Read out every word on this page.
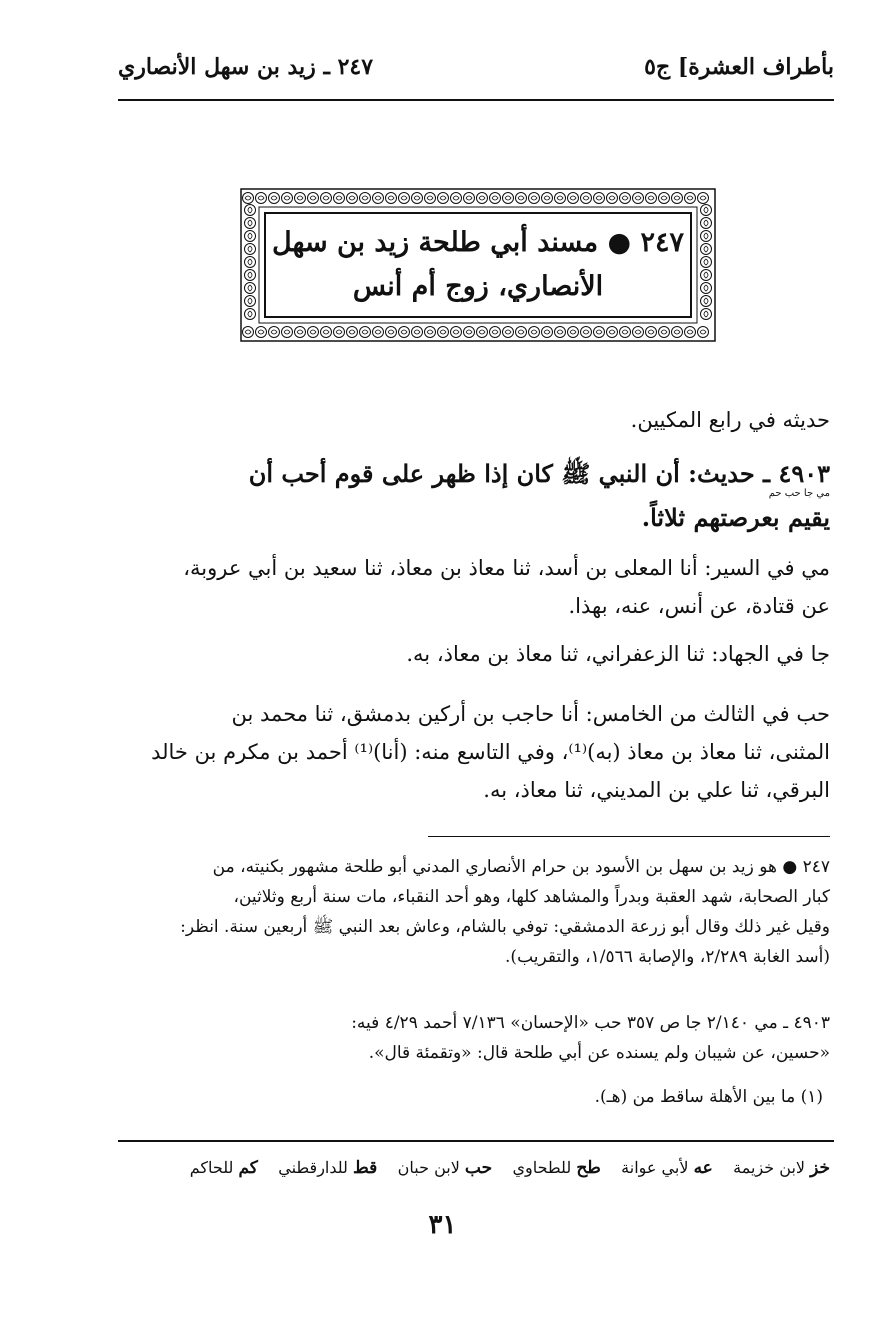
بأطراف العشرة] ج٥
٢٤٧ ـ زيد بن سهل الأنصاري
٢٤٧ ● مسند أبي طلحة زيد بن سهل
الأنصاري، زوج أم أنس
حديثه في رابع المكيين.
٤٩٠٣ ـ حديث: أن النبي ﷺ كان إذا ظهر على قوم أحب أن
مي جا حب حم
يقيم بعرصتهم ثلاثاً.
مي في السير: أنا المعلى بن أسد، ثنا معاذ بن معاذ، ثنا سعيد بن أبي عروبة،
عن قتادة، عن أنس، عنه، بهذا.
جا في الجهاد: ثنا الزعفراني، ثنا معاذ بن معاذ، به.
حب في الثالث من الخامس: أنا حاجب بن أركين بدمشق، ثنا محمد بن
المثنى، ثنا معاذ بن معاذ (به)⁽¹⁾، وفي التاسع منه: (أنا)⁽¹⁾ أحمد بن مكرم بن خالد
البرقي، ثنا علي بن المديني، ثنا معاذ، به.
٢٤٧ ● هو زيد بن سهل بن الأسود بن حرام الأنصاري المدني أبو طلحة مشهور بكنيته، من
كبار الصحابة، شهد العقبة وبدراً والمشاهد كلها، وهو أحد النقباء، مات سنة أربع وثلاثين،
وقيل غير ذلك وقال أبو زرعة الدمشقي: توفي بالشام، وعاش بعد النبي ﷺ أربعين سنة. انظر:
(أسد الغابة ٢/٢٨٩، والإصابة ١/٥٦٦، والتقريب).
٤٩٠٣ ـ مي ٢/١٤٠ جا ص ٣٥٧ حب «الإحسان» ٧/١٣٦ أحمد ٤/٢٩ فيه:
«حسين، عن شيبان ولم يسنده عن أبي طلحة قال: «وتقمئة قال».
(١) ما بين الأهلة ساقط من (هـ).
خز لابن خزيمة    عه لأبي عوانة    طح للطحاوي    حب لابن حبان    قط للدارقطني    كم للحاكم
٣١
